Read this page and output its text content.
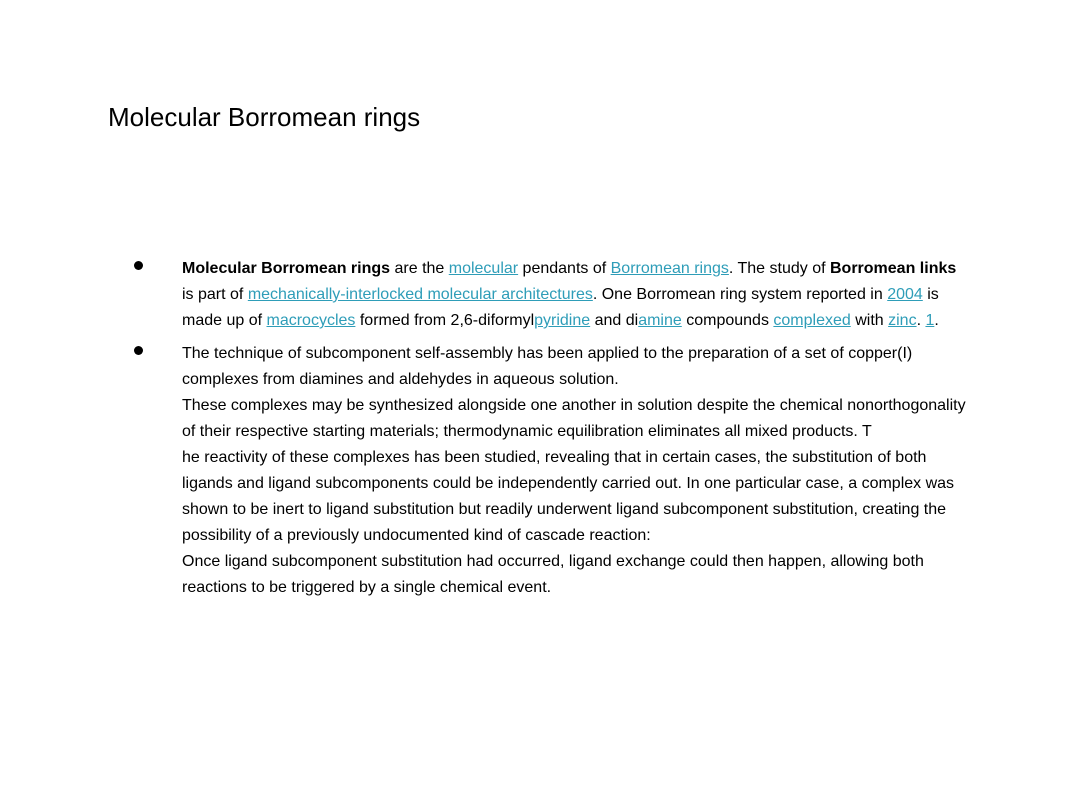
Molecular Borromean rings
Molecular Borromean rings are the molecular pendants of Borromean rings. The study of Borromean links is part of mechanically-interlocked molecular architectures. One Borromean ring system reported in 2004 is made up of macrocycles formed from 2,6-diformylpyridine and diamine compounds complexed with zinc. 1.
The technique of subcomponent self-assembly has been applied to the preparation of a set of copper(I) complexes from diamines and aldehydes in aqueous solution.
These complexes may be synthesized alongside one another in solution despite the chemical nonorthogonality of their respective starting materials; thermodynamic equilibration eliminates all mixed products. T
he reactivity of these complexes has been studied, revealing that in certain cases, the substitution of both ligands and ligand subcomponents could be independently carried out. In one particular case, a complex was shown to be inert to ligand substitution but readily underwent ligand subcomponent substitution, creating the possibility of a previously undocumented kind of cascade reaction:
Once ligand subcomponent substitution had occurred, ligand exchange could then happen, allowing both reactions to be triggered by a single chemical event.
